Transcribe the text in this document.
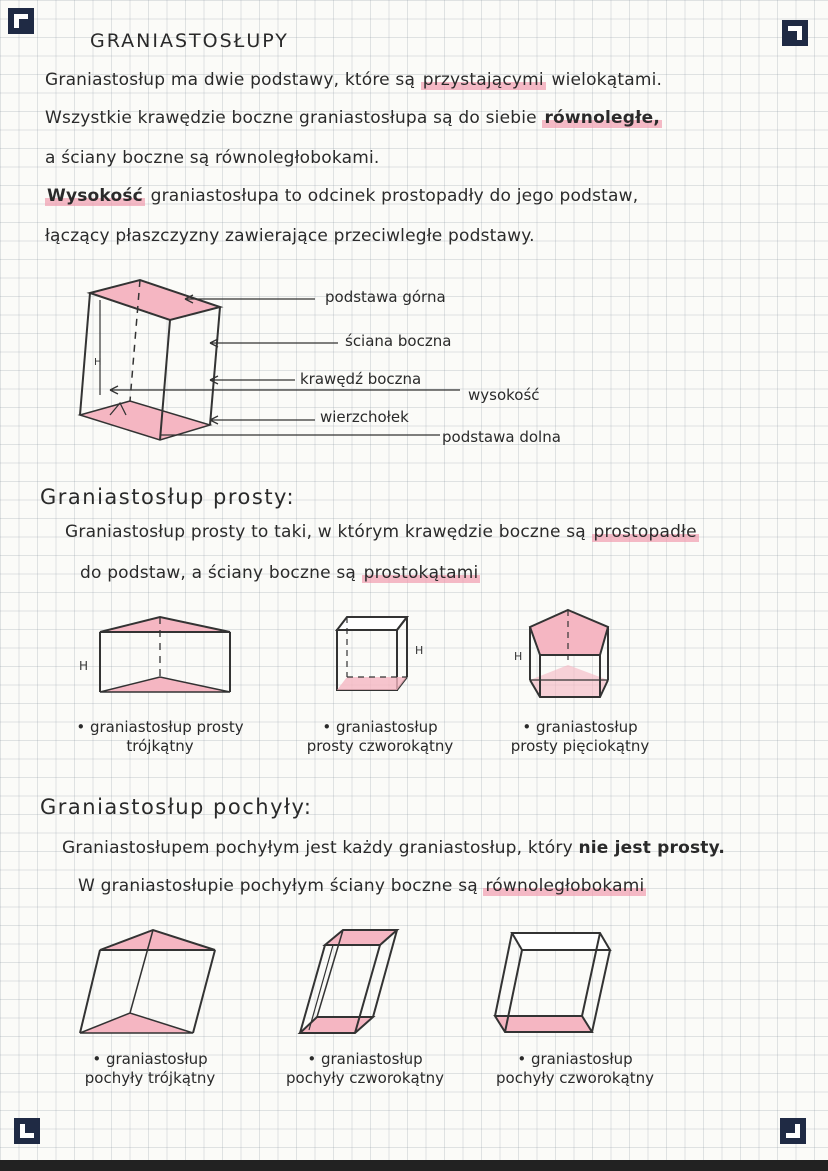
GRANIASTOSŁUPY
Graniastosłup ma dwie podstawy, które są przystającymi wielokątami.
Wszystkie krawędzie boczne graniastosłupa są do siebie równoległe,
a ściany boczne są równoległobokami.
Wysokość graniastosłupa to odcinek prostopadły do jego podstaw,
łączący płaszczyzny zawierające przeciwległe podstawy.
H
podstawa górna
ściana boczna
krawędź boczna
wysokość
wierzchołek
podstawa dolna
Graniastosłup prosty:
Graniastosłup prosty to taki, w którym krawędzie boczne są prostopadłe
do podstaw, a ściany boczne są prostokątami
H
H	H
• graniastosłup prosty
trójkątny
• graniastosłup
prosty czworokątny
• graniastosłup
prosty pięciokątny
Graniastosłup pochyły:
Graniastosłupem pochyłym jest każdy graniastosłup, który nie jest prosty.
W graniastosłupie pochyłym ściany boczne są równoległobokami
• graniastosłup
pochyły trójkątny
• graniastosłup
pochyły czworokątny
• graniastosłup
pochyły czworokątny
